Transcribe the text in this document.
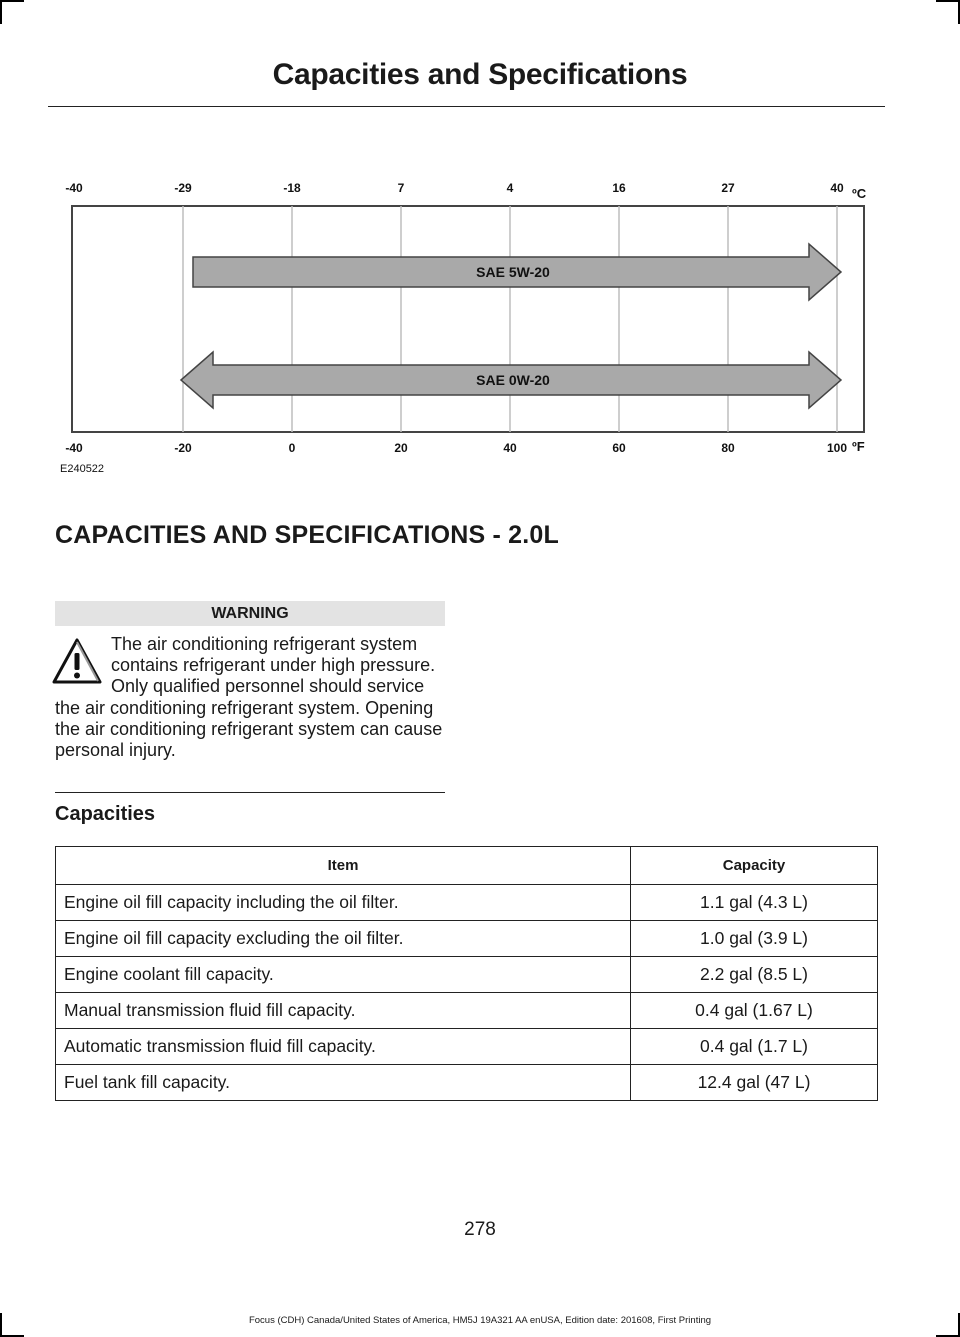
Capacities and Specifications
SAE 5W-20
SAE 0W-20
-40	-29	-18	7	4	16	27	40
-40	-20	0	20	40	60	80	100
ºC
ºF
E240522
CAPACITIES AND SPECIFICATIONS - 2.0L
WARNING
The air conditioning refrigerant system contains refrigerant under high pressure. Only qualified personnel should service the air conditioning refrigerant system. Opening the air conditioning refrigerant system can cause personal injury.
Capacities
Item	Capacity
Engine oil fill capacity including the oil filter.	1.1 gal (4.3 L)
Engine oil fill capacity excluding the oil filter.	1.0 gal (3.9 L)
Engine coolant fill capacity.	2.2 gal (8.5 L)
Manual transmission fluid fill capacity.	0.4 gal (1.67 L)
Automatic transmission fluid fill capacity.	0.4 gal (1.7 L)
Fuel tank fill capacity.	12.4 gal (47 L)
278
Focus (CDH) Canada/United States of America, HM5J 19A321 AA enUSA, Edition date: 201608, First Printing
